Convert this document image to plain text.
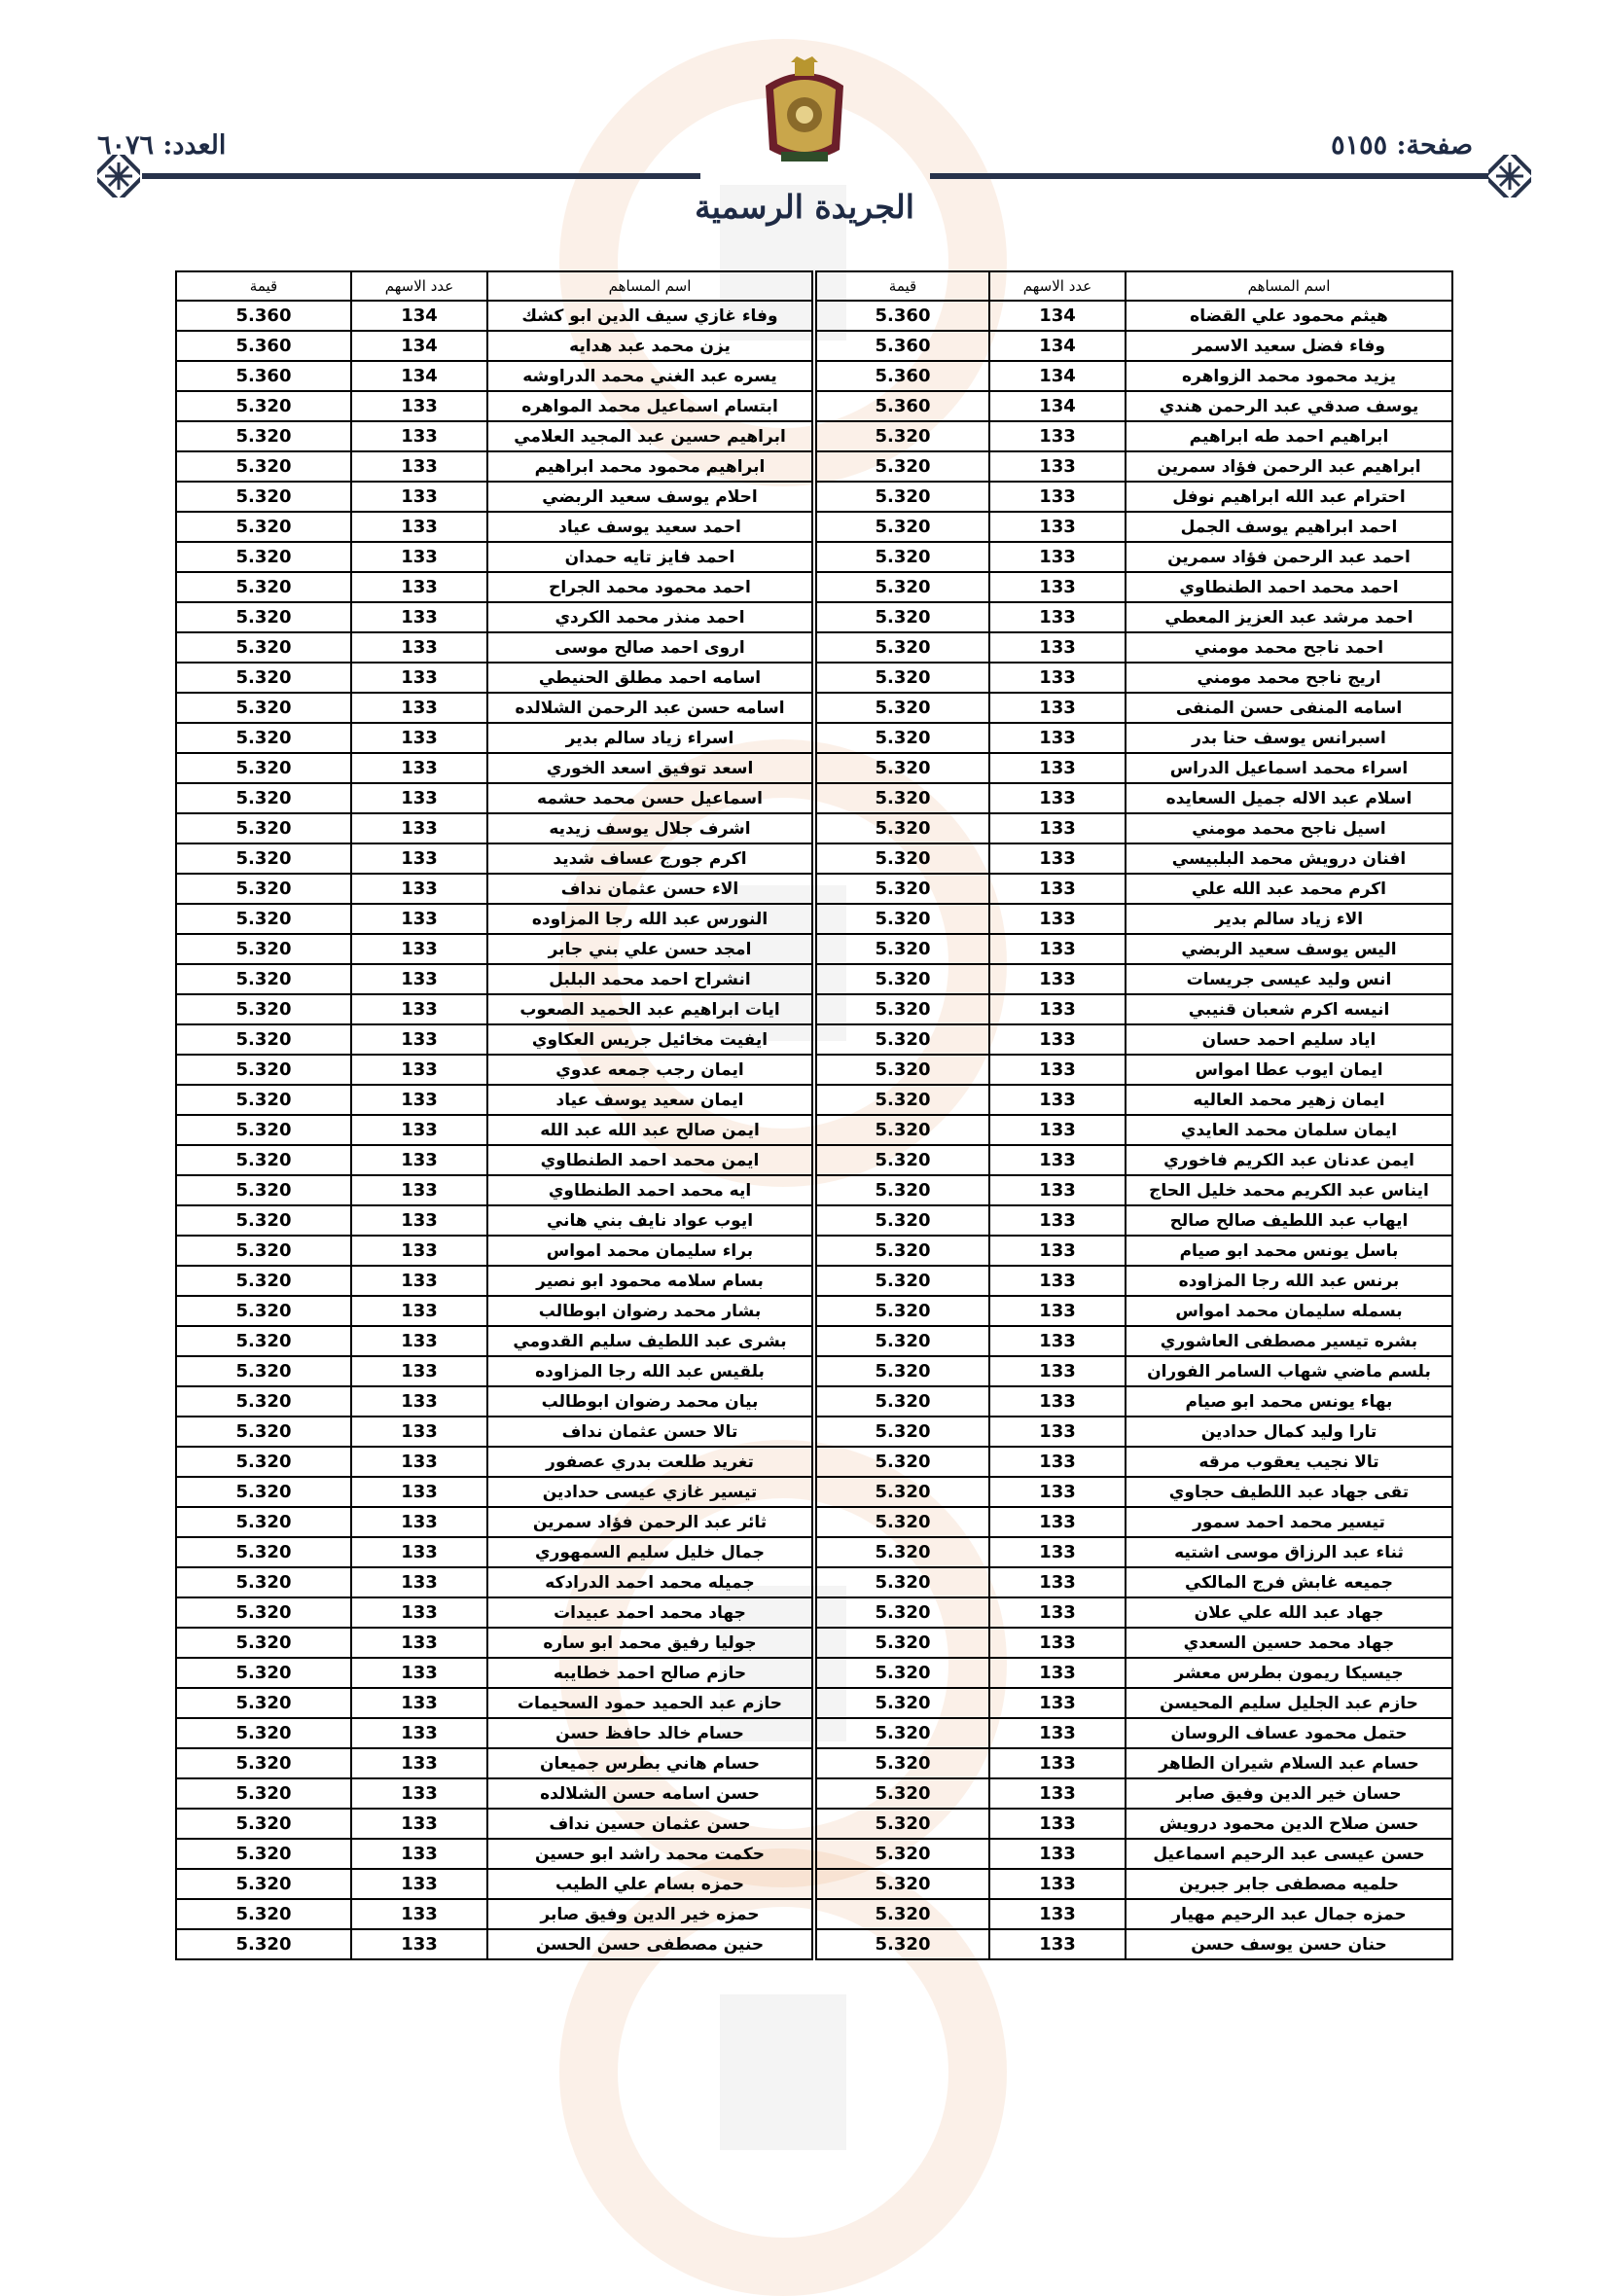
صفحة: ٥١٥٥
العدد: ٦٠٧٦
الجريدة الرسمية
اسم المساهم	عدد الاسهم	قيمة	اسم المساهم	عدد الاسهم	قيمة
هيثم محمود علي القضاه	134	5.360	وفاء غازي سيف الدين ابو كشك	134	5.360
وفاء فضل سعيد الاسمر	134	5.360	يزن محمد عبد هدايه	134	5.360
يزيد محمود محمد الزواهره	134	5.360	يسره عبد الغني محمد الدراوشه	134	5.360
يوسف صدقي عبد الرحمن هندي	134	5.360	ابتسام اسماعيل محمد المواهره	133	5.320
ابراهيم احمد طه ابراهيم	133	5.320	ابراهيم حسين عبد المجيد العلامي	133	5.320
ابراهيم عبد الرحمن فؤاد سمرين	133	5.320	ابراهيم محمود محمد ابراهيم	133	5.320
احترام عبد الله ابراهيم نوفل	133	5.320	احلام يوسف سعيد الربضي	133	5.320
احمد ابراهيم يوسف الجمل	133	5.320	احمد سعيد يوسف عياد	133	5.320
احمد عبد الرحمن فؤاد سمرين	133	5.320	احمد فايز تايه حمدان	133	5.320
احمد محمد احمد الطنطاوي	133	5.320	احمد محمود محمد الجراح	133	5.320
احمد مرشد عبد العزيز المعطي	133	5.320	احمد منذر محمد الكردي	133	5.320
احمد ناجح محمد مومني	133	5.320	اروى احمد صالح موسى	133	5.320
اريج ناجح محمد مومني	133	5.320	اسامه احمد مطلق الحنيطي	133	5.320
اسامه المنفى حسن المنفى	133	5.320	اسامه حسن عبد الرحمن الشلالده	133	5.320
اسبرانس يوسف حنا بدر	133	5.320	اسراء زياد سالم بدير	133	5.320
اسراء محمد اسماعيل الدراس	133	5.320	اسعد توفيق اسعد الخوري	133	5.320
اسلام عبد الاله جميل السعايده	133	5.320	اسماعيل حسن محمد حشمه	133	5.320
اسيل ناجح محمد مومني	133	5.320	اشرف جلال يوسف زيديه	133	5.320
افنان درويش محمد البلبيسي	133	5.320	اكرم جورج عساف شديد	133	5.320
اكرم محمد عبد الله علي	133	5.320	الاء حسن عثمان نداف	133	5.320
الاء زياد سالم بدير	133	5.320	النورس عبد الله رجا المزاوده	133	5.320
اليس يوسف سعيد الربضي	133	5.320	امجد حسن علي بني جابر	133	5.320
انس وليد عيسى جريسات	133	5.320	انشراح احمد محمد البلبل	133	5.320
انيسه اكرم شعبان قنيبي	133	5.320	ايات ابراهيم عبد الحميد الصعوب	133	5.320
اياد سليم احمد حسان	133	5.320	ايفيت مخائيل جريس العكاوي	133	5.320
ايمان ايوب عطا امواس	133	5.320	ايمان رجب جمعه عدوي	133	5.320
ايمان زهير محمد العاليه	133	5.320	ايمان سعيد يوسف عياد	133	5.320
ايمان سلمان محمد العايدي	133	5.320	ايمن صالح عبد الله عبد الله	133	5.320
ايمن عدنان عبد الكريم فاخوري	133	5.320	ايمن محمد احمد الطنطاوي	133	5.320
ايناس عبد الكريم محمد خليل الحاج	133	5.320	ايه محمد احمد الطنطاوي	133	5.320
ايهاب عبد اللطيف صالح صالح	133	5.320	ايوب عواد نايف بني هاني	133	5.320
باسل يونس محمد ابو صيام	133	5.320	براء سليمان محمد امواس	133	5.320
برنس عبد الله رجا المزاوده	133	5.320	بسام سلامه محمود ابو نصير	133	5.320
بسمله سليمان محمد امواس	133	5.320	بشار محمد رضوان ابوطالب	133	5.320
بشره تيسير مصطفى العاشوري	133	5.320	بشرى عبد اللطيف سليم القدومي	133	5.320
بلسم ماضي شهاب السامر الفوران	133	5.320	بلقيس عبد الله رجا المزاوده	133	5.320
بهاء يونس محمد ابو صيام	133	5.320	بيان محمد رضوان ابوطالب	133	5.320
تارا وليد كمال حدادين	133	5.320	تالا حسن عثمان نداف	133	5.320
تالا نجيب يعقوب مرقه	133	5.320	تغريد طلعت بدري عصفور	133	5.320
تقى جهاد عبد اللطيف حجاوي	133	5.320	تيسير غازي عيسى حدادين	133	5.320
تيسير محمد احمد سمور	133	5.320	ثائر عبد الرحمن فؤاد سمرين	133	5.320
ثناء عبد الرزاق موسى اشتيه	133	5.320	جمال خليل سليم السمهوري	133	5.320
جميعه غابش فرج المالكي	133	5.320	جميله محمد احمد الدرادكه	133	5.320
جهاد عبد الله علي علان	133	5.320	جهاد محمد احمد عبيدات	133	5.320
جهاد محمد حسين السعدي	133	5.320	جوليا رفيق محمد ابو ساره	133	5.320
جيسيكا ريمون بطرس معشر	133	5.320	حازم صالح احمد خطايبه	133	5.320
حازم عبد الجليل سليم المحيسن	133	5.320	حازم عبد الحميد حمود السحيمات	133	5.320
حتمل محمود عساف الروسان	133	5.320	حسام خالد حافظ حسن	133	5.320
حسام عبد السلام شيران الطاهر	133	5.320	حسام هاني بطرس جميعان	133	5.320
حسان خير الدين وفيق صابر	133	5.320	حسن اسامه حسن الشلالده	133	5.320
حسن صلاح الدين محمود درويش	133	5.320	حسن عثمان حسين نداف	133	5.320
حسن عيسى عبد الرحيم اسماعيل	133	5.320	حكمت محمد راشد ابو حسين	133	5.320
حلميه مصطفى جابر جبرين	133	5.320	حمزه بسام علي الطيب	133	5.320
حمزه جمال عبد الرحيم مهيار	133	5.320	حمزه خير الدين وفيق صابر	133	5.320
حنان حسن يوسف حسن	133	5.320	حنين مصطفى حسن الحسن	133	5.320
